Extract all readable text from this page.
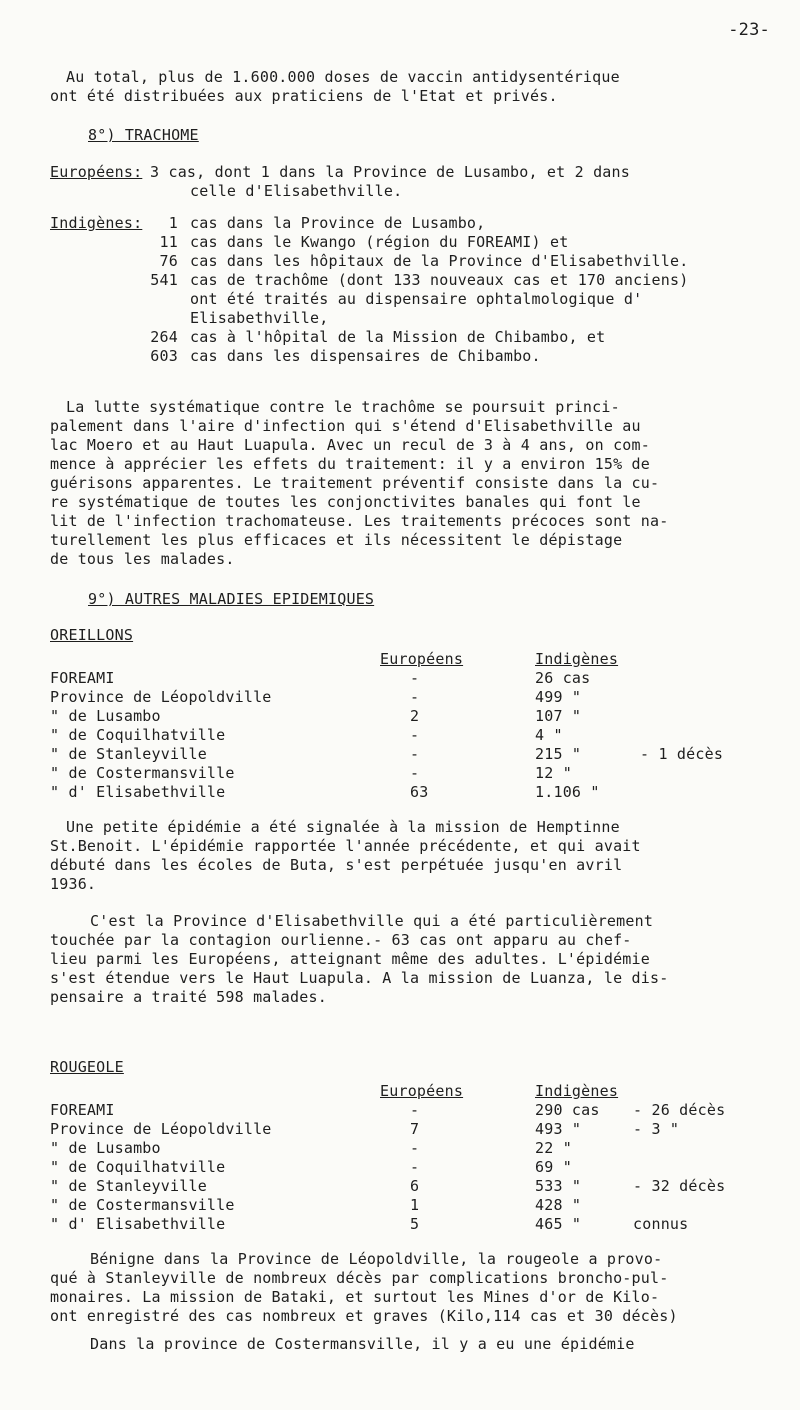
-23-
Au total, plus de 1.600.000 doses de vaccin antidysentérique
ont été distribuées aux praticiens de l'Etat et privés.
8°) TRACHOME
Européens: 3 cas, dont 1 dans la Province de Lusambo, et 2 dans
celle d'Elisabethville.
Indigènes:	1 cas dans la Province de Lusambo,
11 cas dans le Kwango (région du FOREAMI) et
76 cas dans les hôpitaux de la Province d'Elisabethville.
541 cas de trachôme (dont 133 nouveaux cas et 170 anciens)
ont été traités au dispensaire ophtalmologique d'
Elisabethville,
264 cas à l'hôpital de la Mission de Chibambo, et
603 cas dans les dispensaires de Chibambo.
La lutte systématique contre le trachôme se poursuit princi-
palement dans l'aire d'infection qui s'étend d'Elisabethville au
lac Moero et au Haut Luapula. Avec un recul de 3 à 4 ans, on com-
mence à apprécier les effets du traitement: il y a environ 15% de
guérisons apparentes. Le traitement préventif consiste dans la cu-
re systématique de toutes les conjonctivites banales qui font le
lit de l'infection trachomateuse. Les traitements précoces sont na-
turellement les plus efficaces et ils nécessitent le dépistage
de tous les malades.
9°) AUTRES MALADIES EPIDEMIQUES
OREILLONS
Européens	Indigènes
FOREAMI	-	26 cas
Province de Léopoldville	-	499 "
" de Lusambo	2	107 "
" de Coquilhatville	-	4 "
" de Stanleyville	-	215 "	- 1 décès
" de Costermansville	-	12 "
" d' Elisabethville	63	1.106 "
Une petite épidémie a été signalée à la mission de Hemptinne
St.Benoit. L'épidémie rapportée l'année précédente, et qui avait
débuté dans les écoles de Buta, s'est perpétuée jusqu'en avril
1936.
C'est la Province d'Elisabethville qui a été particulièrement
touchée par la contagion ourlienne.- 63 cas ont apparu au chef-
lieu parmi les Européens, atteignant même des adultes. L'épidémie
s'est étendue vers le Haut Luapula. A la mission de Luanza, le dis-
pensaire a traité 598 malades.
ROUGEOLE
Européens	Indigènes
FOREAMI	-	290 cas - 26 décès
Province de Léopoldville	7	493 "	- 3 "
" de Lusambo	-	22 "
" de Coquilhatville	-	69 "
" de Stanleyville	6	533 "	- 32 décès
" de Costermansville	1	428 "
" d' Elisabethville	5	465 "	connus
Bénigne dans la Province de Léopoldville, la rougeole a provo-
qué à Stanleyville de nombreux décès par complications broncho-pul-
monaires. La mission de Bataki, et surtout les Mines d'or de Kilo-
ont enregistré des cas nombreux et graves (Kilo,114 cas et 30 décès)
Dans la province de Costermansville, il y a eu une épidémie
